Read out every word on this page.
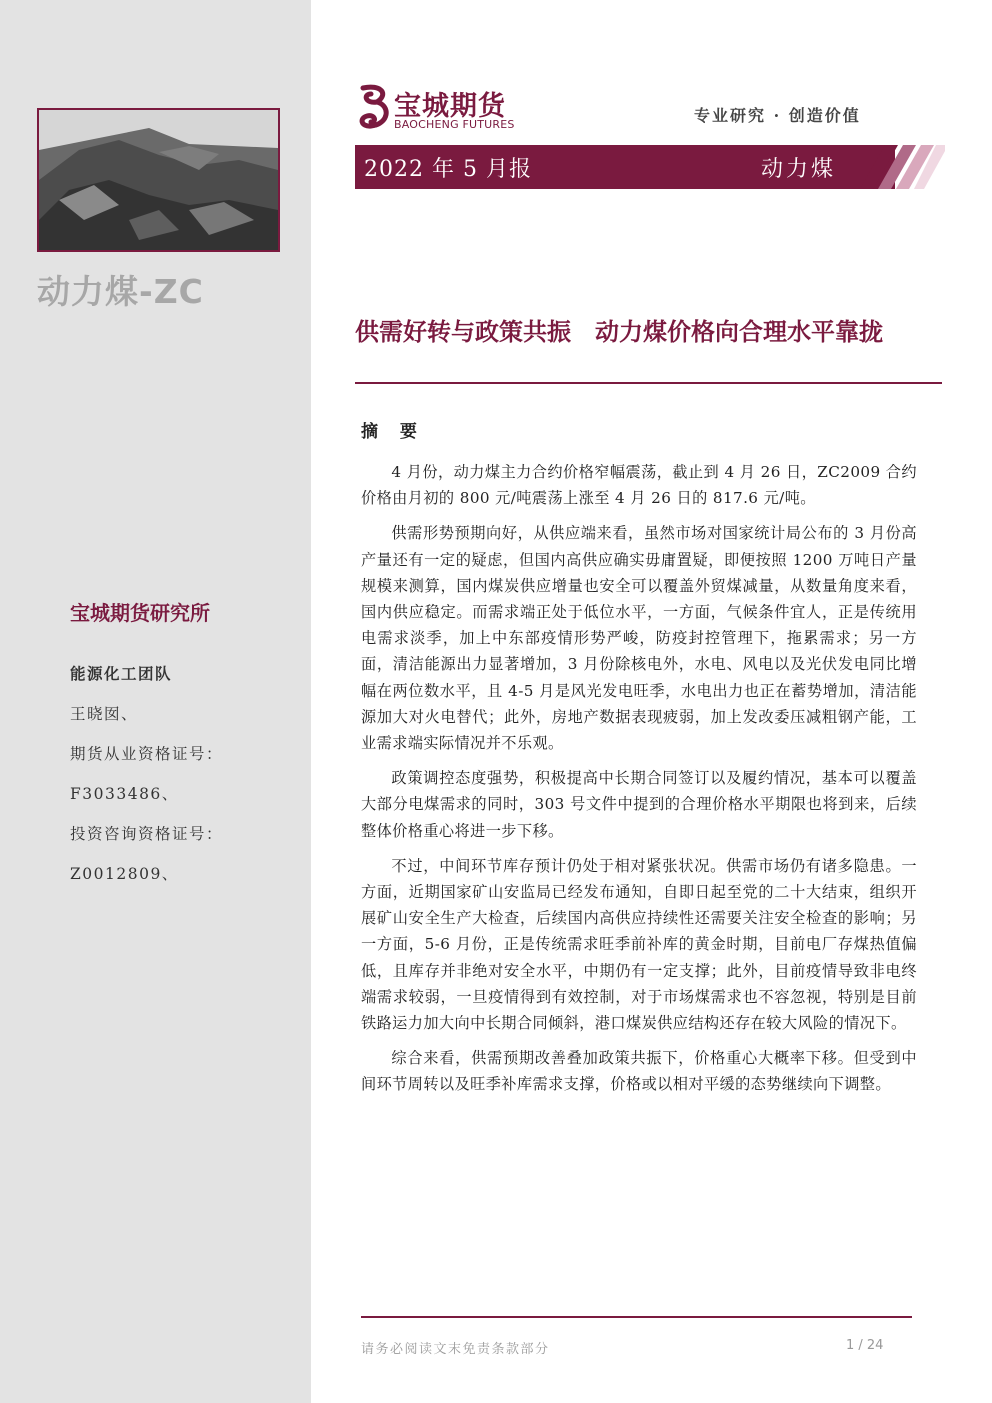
动力煤-ZC
宝城期货研究所
能源化工团队
王晓囡、
期货从业资格证号：
F3033486、
投资咨询资格证号：
Z0012809、
宝城期货
BAOCHENG FUTURES	专业研究 · 创造价值
2022 年 5 月报	动力煤
供需好转与政策共振　动力煤价格向合理水平靠拢
摘 要

4 月份，动力煤主力合约价格窄幅震荡，截止到 4 月 26 日，ZC2009 合约价格由月初的 800 元/吨震荡上涨至 4 月 26 日的 817.6 元/吨。

供需形势预期向好，从供应端来看，虽然市场对国家统计局公布的 3 月份高产量还有一定的疑虑，但国内高供应确实毋庸置疑，即便按照 1200 万吨日产量规模来测算，国内煤炭供应增量也安全可以覆盖外贸煤减量，从数量角度来看，国内供应稳定。而需求端正处于低位水平，一方面，气候条件宜人，正是传统用电需求淡季，加上中东部疫情形势严峻，防疫封控管理下，拖累需求；另一方面，清洁能源出力显著增加，3 月份除核电外，水电、风电以及光伏发电同比增幅在两位数水平，且 4-5 月是风光发电旺季，水电出力也正在蓄势增加，清洁能源加大对火电替代；此外，房地产数据表现疲弱，加上发改委压减粗钢产能，工业需求端实际情况并不乐观。

政策调控态度强势，积极提高中长期合同签订以及履约情况，基本可以覆盖大部分电煤需求的同时，303 号文件中提到的合理价格水平期限也将到来，后续整体价格重心将进一步下移。

不过，中间环节库存预计仍处于相对紧张状况。供需市场仍有诸多隐患。一方面，近期国家矿山安监局已经发布通知，自即日起至党的二十大结束，组织开展矿山安全生产大检查，后续国内高供应持续性还需要关注安全检查的影响；另一方面，5-6 月份，正是传统需求旺季前补库的黄金时期，目前电厂存煤热值偏低，且库存并非绝对安全水平，中期仍有一定支撑；此外，目前疫情导致非电终端需求较弱，一旦疫情得到有效控制，对于市场煤需求也不容忽视，特别是目前铁路运力加大向中长期合同倾斜，港口煤炭供应结构还存在较大风险的情况下。

综合来看，供需预期改善叠加政策共振下，价格重心大概率下移。但受到中间环节周转以及旺季补库需求支撑，价格或以相对平缓的态势继续向下调整。

请务必阅读文末免责条款部分	1 / 24
